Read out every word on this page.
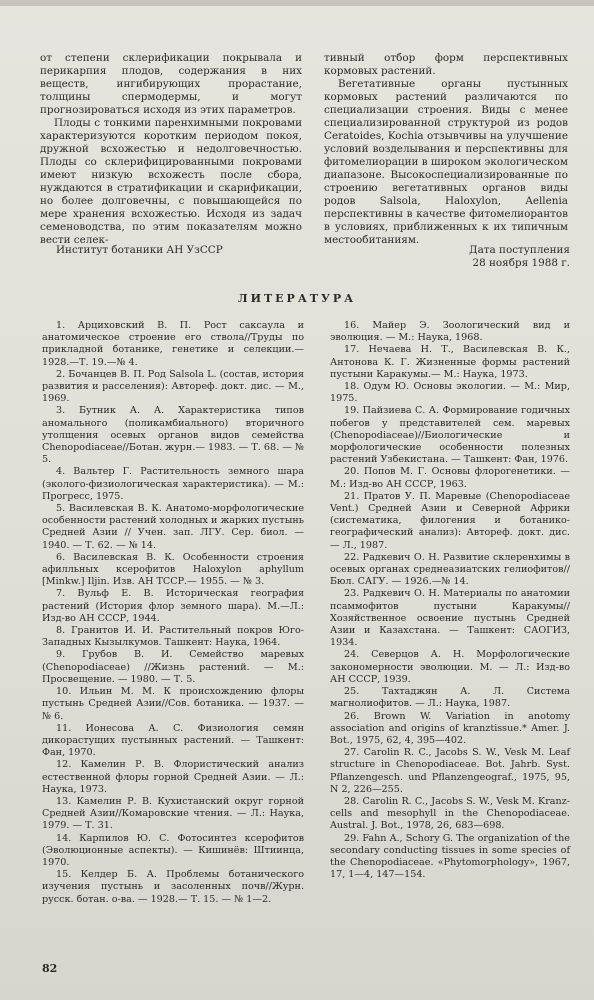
от степени склерификации покрывала и перикарпия плодов, содержания в них веществ, ингибирующих прорастание, толщины спермодермы, и могут прогнозироваться исходя из этих параметров.

Плоды с тонкими паренхимными покровами характеризуются коротким периодом покоя, дружной всхожестью и недолговечностью. Плоды со склерифицированными покровами имеют низкую всхожесть после сбора, нуждаются в стратификации и скарификации, но более долговечны, с повышающейся по мере хранения всхожестью. Исходя из задач семеноводства, по этим показателям можно вести селек-

тивный отбор форм перспективных кормовых растений.

Вегетативные органы пустынных кормовых растений различаются по специализации строения. Виды с менее специализированной структурой из родов Ceratoides, Kochia отзывчивы на улучшение условий возделывания и перспективны для фитомелиорации в широком экологическом диапазоне. Высокоспециализированные по строению вегетативных органов виды родов Salsola, Haloxylon, Aellenia перспективны в качестве фитомелиорантов в условиях, приближенных к их типичным местообитаниям.

Институт ботаники АН УзССР	Дата поступления
28 ноября 1988 г.
ЛИТЕРАТУРА

1. Арциховский В. П. Рост саксаула и анатомическое строение его ствола//Труды по прикладной ботанике, генетике и селекции.—1928.—Т. 19.—№ 4.

2. Бочанцев В. П. Род Salsola L. (состав, история развития и расселения): Автореф. докт. дис. — М., 1969.

3. Бутник А. А. Характеристика типов аномального (поликамбиального) вторичного утолщения осевых органов видов семейства Chenopodiaceae//Ботан. журн.— 1983. — Т. 68. — № 5.

4. Вальтер Г. Растительность земного шара (эколого-физиологическая характеристика). — М.: Прогресс, 1975.

5. Василевская В. К. Анатомо-морфологические особенности растений холодных и жарких пустынь Средней Азии // Учен. зап. ЛГУ. Сер. биол. — 1940. — Т. 62. — № 14.

6. Василевская В. К. Особенности строения афилльных ксерофитов Haloxylon aphyllum [Minkw.] Iljin. Изв. АН ТССР.— 1955. — № 3.

7. Вульф Е. В. Историческая география растений (История флор земного шара). М.—Л.: Изд-во АН СССР, 1944.

8. Гранитов И. И. Растительный покров Юго-Западных Кызылкумов. Ташкент: Наука, 1964.

9. Грубов В. И. Семейство маревых (Chenopodiaceae) //Жизнь растений. — М.: Просвещение. — 1980. — Т. 5.

10. Ильин М. М. К происхождению флоры пустынь Средней Азии//Сов. ботаника. — 1937. — № 6.

11. Ионесова А. С. Физиология семян дикорастущих пустынных растений. — Ташкент: Фан, 1970.

12. Камелин Р. В. Флористический анализ естественной флоры горной Средней Азии. — Л.: Наука, 1973.

13. Камелин Р. В. Кухистанский округ горной Средней Азии//Комаровские чтения. — Л.: Наука, 1979. — Т. 31.

14. Карпилов Ю. С. Фотосинтез ксерофитов (Эволюционные аспекты). — Кишинёв: Штиинца, 1970.

15. Келдер Б. А. Проблемы ботанического изучения пустынь и засоленных почв//Журн. русск. ботан. о-ва. — 1928.— Т. 15. — № 1—2.

16. Майер Э. Зоологический вид и эволюция. — М.: Наука, 1968.

17. Нечаева Н. Т., Василевская В. К., Антонова К. Г. Жизненные формы растений пустыни Каракумы.— М.: Наука, 1973.

18. Одум Ю. Основы экологии. — М.: Мир, 1975.

19. Пайзиева С. А. Формирование годичных побегов у представителей сем. маревых (Chenopodiaceae)//Биологические и морфологические особенности полезных растений Узбекистана. — Ташкент: Фан, 1976.

20. Попов М. Г. Основы флорогенетики. — М.: Изд-во АН СССР, 1963.

21. Пратов У. П. Маревые (Chenopodiaceae Vent.) Средней Азии и Северной Африки (систематика, филогения и ботанико-географический анализ): Автореф. докт. дис. — Л., 1987.

22. Радкевич О. Н. Развитие склеренхимы в осевых органах среднеазиатских гелиофитов//Бюл. САГУ. — 1926.—№ 14.

23. Радкевич О. Н. Материалы по анатомии псаммофитов пустыни Каракумы// Хозяйственное освоение пустынь Средней Азии и Казахстана. — Ташкент: САОГИЗ, 1934.

24. Северцов А. Н. Морфологические закономерности эволюции. М. — Л.: Изд-во АН СССР, 1939.

25. Тахтаджян А. Л. Система магнолиофитов. — Л.: Наука, 1987.

26. Brown W. Variation in anotomy association and origins of kranztissue.* Amer. J. Bot., 1975, 62, 4, 395—402.

27. Carolin R. C., Jacobs S. W., Vesk M. Leaf structure in Chenopodiaceae. Bot. Jahrb. Syst. Pflanzengesch. und Pflanzengeograf., 1975, 95, N 2, 226—255.

28. Carolin R. C., Jacobs S. W., Vesk M. Kranz-cells and mesophyll in the Chenopodiaceae. Austral. J. Bot., 1978, 26, 683—698.

29. Fahn A., Schory G. The organization of the secondary conducting tissues in some species of the Chenopodiaceae. «Phytomorphology», 1967, 17, 1—4, 147—154.

82
